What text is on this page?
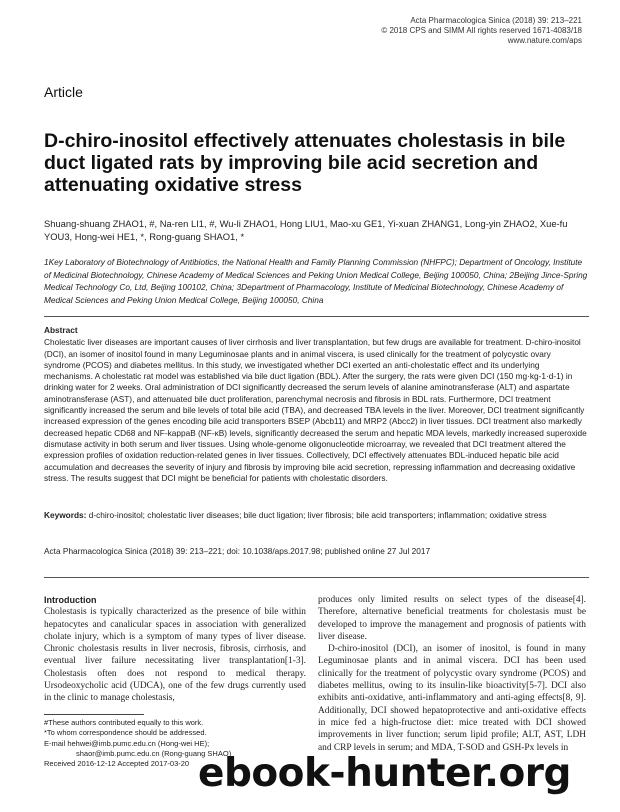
Acta Pharmacologica Sinica (2018) 39: 213–221
© 2018 CPS and SIMM All rights reserved 1671-4083/18
www.nature.com/aps
Article
D-chiro-inositol effectively attenuates cholestasis in bile duct ligated rats by improving bile acid secretion and attenuating oxidative stress
Shuang-shuang ZHAO1, #, Na-ren LI1, #, Wu-li ZHAO1, Hong LIU1, Mao-xu GE1, Yi-xuan ZHANG1, Long-yin ZHAO2, Xue-fu YOU3, Hong-wei HE1, *, Rong-guang SHAO1, *
1Key Laboratory of Biotechnology of Antibiotics, the National Health and Family Planning Commission (NHFPC); Department of Oncology, Institute of Medicinal Biotechnology, Chinese Academy of Medical Sciences and Peking Union Medical College, Beijing 100050, China; 2Beijing Jince-Spring Medical Technology Co, Ltd, Beijing 100102, China; 3Department of Pharmacology, Institute of Medicinal Biotechnology, Chinese Academy of Medical Sciences and Peking Union Medical College, Beijing 100050, China
Abstract

Cholestatic liver diseases are important causes of liver cirrhosis and liver transplantation, but few drugs are available for treatment. D-chiro-inositol (DCI), an isomer of inositol found in many Leguminosae plants and in animal viscera, is used clinically for the treatment of polycystic ovary syndrome (PCOS) and diabetes mellitus. In this study, we investigated whether DCI exerted an anti-cholestatic effect and its underlying mechanisms. A cholestatic rat model was established via bile duct ligation (BDL). After the surgery, the rats were given DCI (150 mg·kg-1·d-1) in drinking water for 2 weeks. Oral administration of DCI significantly decreased the serum levels of alanine aminotransferase (ALT) and aspartate aminotransferase (AST), and attenuated bile duct proliferation, parenchymal necrosis and fibrosis in BDL rats. Furthermore, DCI treatment significantly increased the serum and bile levels of total bile acid (TBA), and decreased TBA levels in the liver. Moreover, DCI treatment significantly increased expression of the genes encoding bile acid transporters BSEP (Abcb11) and MRP2 (Abcc2) in liver tissues. DCI treatment also markedly decreased hepatic CD68 and NF-kappaB (NF-κB) levels, significantly decreased the serum and hepatic MDA levels, markedly increased superoxide dismutase activity in both serum and liver tissues. Using whole-genome oligonucleotide microarray, we revealed that DCI treatment altered the expression profiles of oxidation reduction-related genes in liver tissues. Collectively, DCI effectively attenuates BDL-induced hepatic bile acid accumulation and decreases the severity of injury and fibrosis by improving bile acid secretion, repressing inflammation and decreasing oxidative stress. The results suggest that DCI might be beneficial for patients with cholestatic disorders.

Keywords: d-chiro-inositol; cholestatic liver diseases; bile duct ligation; liver fibrosis; bile acid transporters; inflammation; oxidative stress
Acta Pharmacologica Sinica (2018) 39: 213–221; doi: 10.1038/aps.2017.98; published online 27 Jul 2017
Introduction

Cholestasis is typically characterized as the presence of bile within hepatocytes and canalicular spaces in association with generalized cholate injury, which is a symptom of many types of liver disease. Chronic cholestasis results in liver necrosis, fibrosis, cirrhosis, and eventual liver failure necessitating liver transplantation[1-3]. Cholestasis often does not respond to medical therapy. Ursodeoxycholic acid (UDCA), one of the few drugs currently used in the clinic to manage cholestasis,

produces only limited results on select types of the disease[4]. Therefore, alternative beneficial treatments for cholestasis must be developed to improve the management and prognosis of patients with liver disease.

D-chiro-inositol (DCI), an isomer of inositol, is found in many Leguminosae plants and in animal viscera. DCI has been used clinically for the treatment of polycystic ovary syndrome (PCOS) and diabetes mellitus, owing to its insulin-like bioactivity[5-7]. DCI also exhibits anti-oxidative, anti-inflammatory and anti-aging effects[8, 9]. Additionally, DCI showed hepatoprotective and anti-oxidative effects in mice fed a high-fructose diet: mice treated with DCI showed improvements in liver function; serum lipid profile; ALT, AST, LDH and CRP levels in serum; and MDA, T-SOD and GSH-Px levels in

#These authors contributed equally to this work.
*To whom correspondence should be addressed.
E-mail hehwei@imb.pumc.edu.cn (Hong-wei HE);
shaor@imb.pumc.edu.cn (Rong-guang SHAO)
Received 2016-12-12 Accepted 2017-03-20 ebook-hunter.org
